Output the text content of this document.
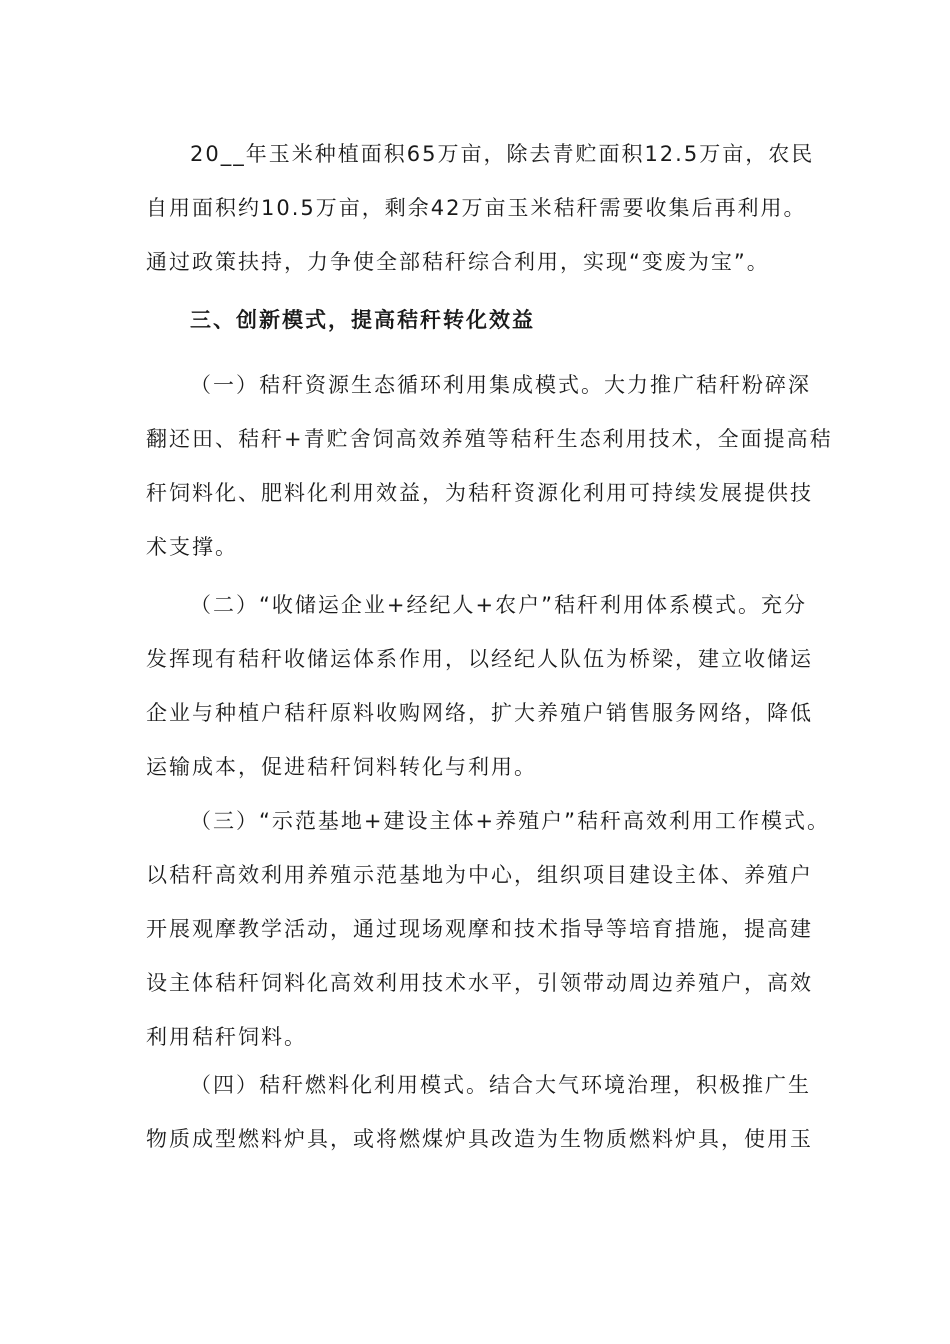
20__年玉米种植面积65万亩，除去青贮面积12.5万亩，农民
自用面积约10.5万亩，剩余42万亩玉米秸秆需要收集后再利用。
通过政策扶持，力争使全部秸秆综合利用，实现“变废为宝”。
三、创新模式，提高秸秆转化效益
（一）秸秆资源生态循环利用集成模式。大力推广秸秆粉碎深
翻还田、秸秆+青贮舍饲高效养殖等秸秆生态利用技术，全面提高秸
秆饲料化、肥料化利用效益，为秸秆资源化利用可持续发展提供技
术支撑。
（二）“收储运企业+经纪人+农户”秸秆利用体系模式。充分
发挥现有秸秆收储运体系作用，以经纪人队伍为桥梁，建立收储运
企业与种植户秸秆原料收购网络，扩大养殖户销售服务网络，降低
运输成本，促进秸秆饲料转化与利用。
（三）“示范基地+建设主体+养殖户”秸秆高效利用工作模式。
以秸秆高效利用养殖示范基地为中心，组织项目建设主体、养殖户
开展观摩教学活动，通过现场观摩和技术指导等培育措施，提高建
设主体秸秆饲料化高效利用技术水平，引领带动周边养殖户，高效
利用秸秆饲料。
（四）秸秆燃料化利用模式。结合大气环境治理，积极推广生
物质成型燃料炉具，或将燃煤炉具改造为生物质燃料炉具，使用玉
